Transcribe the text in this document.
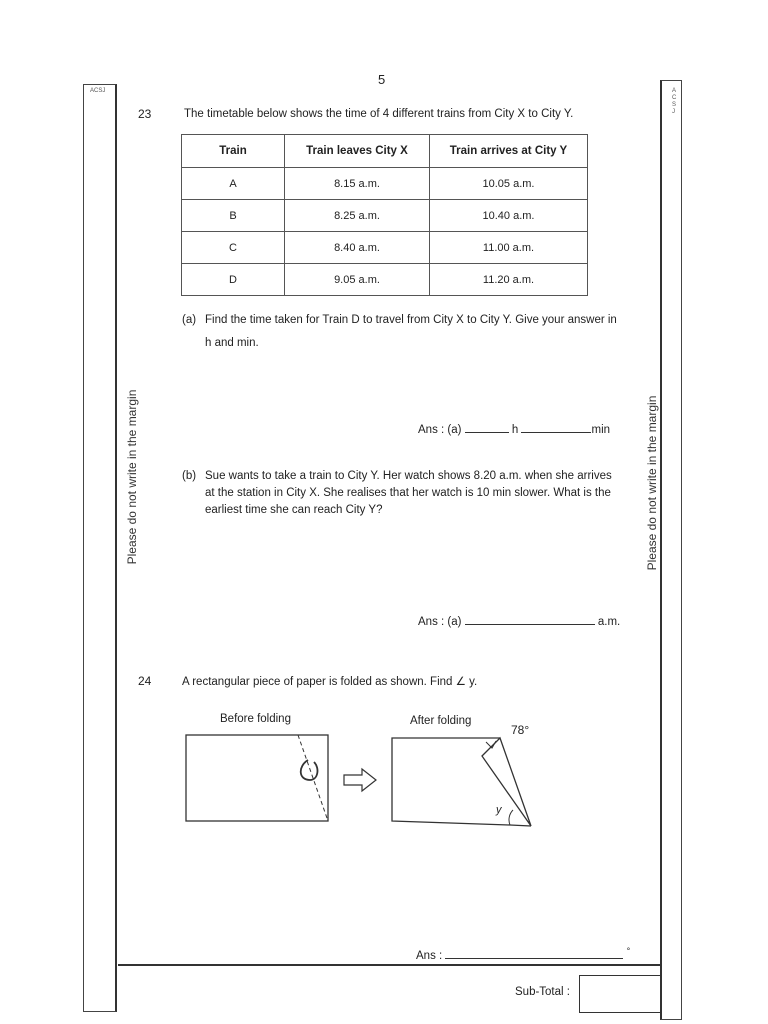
5
ACSJ	A C S J
Please do not write in the margin	Please do not write in the margin
23	The timetable below shows the time of 4 different trains from City X to City Y.
Train	Train leaves City X	Train arrives at City Y
A	8.15 a.m.	10.05 a.m.
B	8.25 a.m.	10.40 a.m.
C	8.40 a.m.	11.00 a.m.
D	9.05 a.m.	11.20 a.m.
(a) Find the time taken for Train D to travel from City X to City Y. Give your answer in
h and min.
Ans : (a)	h	min
(b) Sue wants to take a train to City Y. Her watch shows 8.20 a.m. when she arrives
at the station in City X. She realises that her watch is 10 min slower. What is the
earliest time she can reach City Y?
Ans : (a)	a.m.
24	A rectangular piece of paper is folded as shown. Find ∠ y.
Before folding	After folding
78°
y
Ans :	°
Sub-Total :
